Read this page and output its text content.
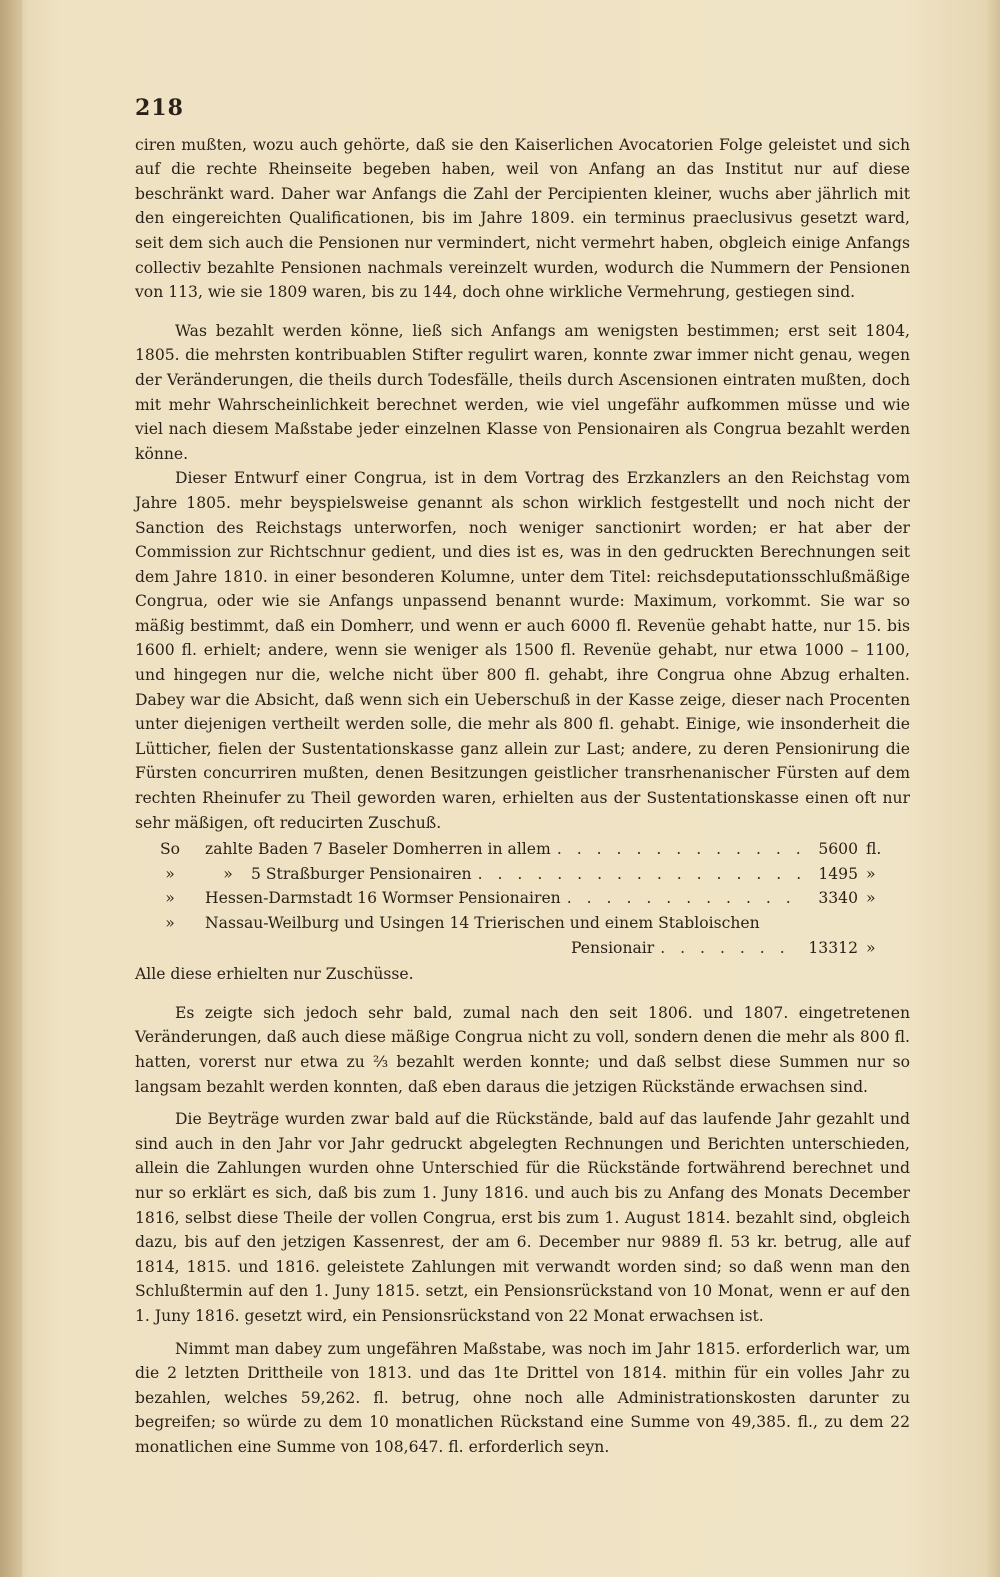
218

ciren mußten, wozu auch gehörte, daß sie den Kaiserlichen Avocatorien Folge geleistet und sich auf die rechte Rheinseite begeben haben, weil von Anfang an das Institut nur auf diese beschränkt ward. Daher war Anfangs die Zahl der Percipienten kleiner, wuchs aber jährlich mit den eingereichten Qualificationen, bis im Jahre 1809. ein terminus praeclusivus gesetzt ward, seit dem sich auch die Pensionen nur vermindert, nicht vermehrt haben, obgleich einige Anfangs collectiv bezahlte Pensionen nachmals vereinzelt wurden, wodurch die Nummern der Pensionen von 113, wie sie 1809 waren, bis zu 144, doch ohne wirkliche Vermehrung, gestiegen sind.

Was bezahlt werden könne, ließ sich Anfangs am wenigsten bestimmen; erst seit 1804, 1805. die mehrsten kontribuablen Stifter regulirt waren, konnte zwar immer nicht genau, wegen der Veränderungen, die theils durch Todesfälle, theils durch Ascensionen eintraten mußten, doch mit mehr Wahrscheinlichkeit berechnet werden, wie viel ungefähr aufkommen müsse und wie viel nach diesem Maßstabe jeder einzelnen Klasse von Pensionairen als Congrua bezahlt werden könne.

Dieser Entwurf einer Congrua, ist in dem Vortrag des Erzkanzlers an den Reichstag vom Jahre 1805. mehr beyspielsweise genannt als schon wirklich festgestellt und noch nicht der Sanction des Reichstags unterworfen, noch weniger sanctionirt worden; er hat aber der Commission zur Richtschnur gedient, und dies ist es, was in den gedruckten Berechnungen seit dem Jahre 1810. in einer besonderen Kolumne, unter dem Titel: reichsdeputationsschlußmäßige Congrua, oder wie sie Anfangs unpassend benannt wurde: Maximum, vorkommt. Sie war so mäßig bestimmt, daß ein Domherr, und wenn er auch 6000 fl. Revenüe gehabt hatte, nur 15. bis 1600 fl. erhielt; andere, wenn sie weniger als 1500 fl. Revenüe gehabt, nur etwa 1000 – 1100, und hingegen nur die, welche nicht über 800 fl. gehabt, ihre Congrua ohne Abzug erhalten. Dabey war die Absicht, daß wenn sich ein Ueberschuß in der Kasse zeige, dieser nach Procenten unter diejenigen vertheilt werden solle, die mehr als 800 fl. gehabt. Einige, wie insonderheit die Lütticher, fielen der Sustentationskasse ganz allein zur Last; andere, zu deren Pensionirung die Fürsten concurriren mußten, denen Besitzungen geistlicher transrhenanischer Fürsten auf dem rechten Rheinufer zu Theil geworden waren, erhielten aus der Sustentationskasse einen oft nur sehr mäßigen, oft reducirten Zuschuß.

So	zahlte Baden 7 Baseler Domherren in allem . . .	5600 fl.
»	»	5 Straßburger Pensionairen . . .	1495 »
»	Hessen-Darmstadt 16 Wormser Pensionairen . . .	3340 »
»	Nassau-Weilburg und Usingen 14 Trierischen und einem Stabloischen
Pensionair . . .	13312 »

Alle diese erhielten nur Zuschüsse.

Es zeigte sich jedoch sehr bald, zumal nach den seit 1806. und 1807. eingetretenen Veränderungen, daß auch diese mäßige Congrua nicht zu voll, sondern denen die mehr als 800 fl. hatten, vorerst nur etwa zu ⅔ bezahlt werden konnte; und daß selbst diese Summen nur so langsam bezahlt werden konnten, daß eben daraus die jetzigen Rückstände erwachsen sind.

Die Beyträge wurden zwar bald auf die Rückstände, bald auf das laufende Jahr gezahlt und sind auch in den Jahr vor Jahr gedruckt abgelegten Rechnungen und Berichten unterschieden, allein die Zahlungen wurden ohne Unterschied für die Rückstände fortwährend berechnet und nur so erklärt es sich, daß bis zum 1. Juny 1816. und auch bis zu Anfang des Monats December 1816, selbst diese Theile der vollen Congrua, erst bis zum 1. August 1814. bezahlt sind, obgleich dazu, bis auf den jetzigen Kassenrest, der am 6. December nur 9889 fl. 53 kr. betrug, alle auf 1814, 1815. und 1816. geleistete Zahlungen mit verwandt worden sind; so daß wenn man den Schlußtermin auf den 1. Juny 1815. setzt, ein Pensionsrückstand von 10 Monat, wenn er auf den 1. Juny 1816. gesetzt wird, ein Pensionsrückstand von 22 Monat erwachsen ist.

Nimmt man dabey zum ungefähren Maßstabe, was noch im Jahr 1815. erforderlich war, um die 2 letzten Drittheile von 1813. und das 1te Drittel von 1814. mithin für ein volles Jahr zu bezahlen, welches 59,262. fl. betrug, ohne noch alle Administrationskosten darunter zu begreifen; so würde zu dem 10 monatlichen Rückstand eine Summe von 49,385. fl., zu dem 22 monatlichen eine Summe von 108,647. fl. erforderlich seyn.
